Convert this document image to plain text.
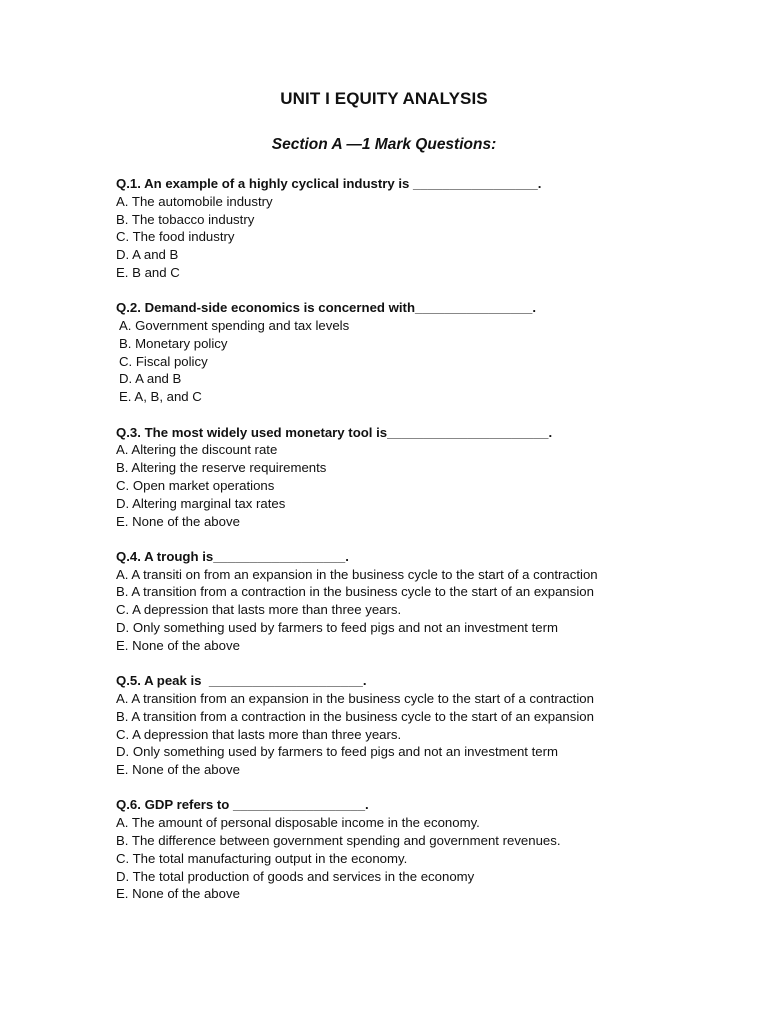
UNIT I EQUITY ANALYSIS
Section A —1 Mark Questions:
Q.1. An example of a highly cyclical industry is _________________.
A. The automobile industry
B. The tobacco industry
C. The food industry
D. A and B
E. B and C
Q.2. Demand-side economics is concerned with________________.
A. Government spending and tax levels
B. Monetary policy
C. Fiscal policy
D. A and B
E. A, B, and C
Q.3. The most widely used monetary tool is______________________.
A. Altering the discount rate
B. Altering the reserve requirements
C. Open market operations
D. Altering marginal tax rates
E. None of the above
Q.4. A trough is__________________.
A. A transiti on from an expansion in the business cycle to the start of a contraction
B. A transition from a contraction in the business cycle to the start of an expansion
C. A depression that lasts more than three years.
D. Only something used by farmers to feed pigs and not an investment term
E. None of the above
Q.5. A peak is  _____________________.
A. A transition from an expansion in the business cycle to the start of a contraction
B. A transition from a contraction in the business cycle to the start of an expansion
C. A depression that lasts more than three years.
D. Only something used by farmers to feed pigs and not an investment term
E. None of the above
Q.6. GDP refers to __________________.
A. The amount of personal disposable income in the economy.
B. The difference between government spending and government revenues.
C. The total manufacturing output in the economy.
D. The total production of goods and services in the economy
E. None of the above
